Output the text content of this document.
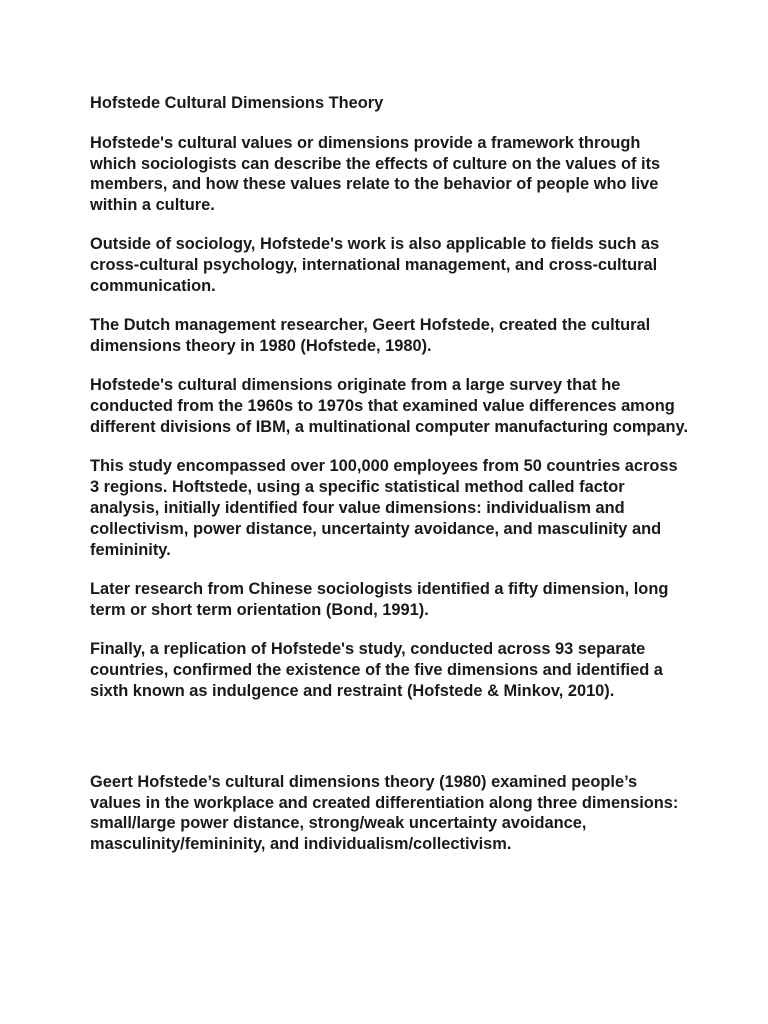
Hofstede Cultural Dimensions Theory

Hofstede's cultural values or dimensions provide a framework through which sociologists can describe the effects of culture on the values of its members, and how these values relate to the behavior of people who live within a culture.

Outside of sociology, Hofstede's work is also applicable to fields such as cross-cultural psychology, international management, and cross-cultural communication.

The Dutch management researcher, Geert Hofstede, created the cultural dimensions theory in 1980 (Hofstede, 1980).

Hofstede's cultural dimensions originate from a large survey that he conducted from the 1960s to 1970s that examined value differences among different divisions of IBM, a multinational computer manufacturing company.

This study encompassed over 100,000 employees from 50 countries across 3 regions. Hoftstede, using a specific statistical method called factor analysis, initially identified four value dimensions: individualism and collectivism, power distance, uncertainty avoidance, and masculinity and femininity.

Later research from Chinese sociologists identified a fifty dimension, long term or short term orientation (Bond, 1991).

Finally, a replication of Hofstede's study, conducted across 93 separate countries, confirmed the existence of the five dimensions and identified a sixth known as indulgence and restraint (Hofstede & Minkov, 2010).

Geert Hofstede’s cultural dimensions theory (1980) examined people’s values in the workplace and created differentiation along three dimensions: small/large power distance, strong/weak uncertainty avoidance, masculinity/femininity, and individualism/collectivism.
